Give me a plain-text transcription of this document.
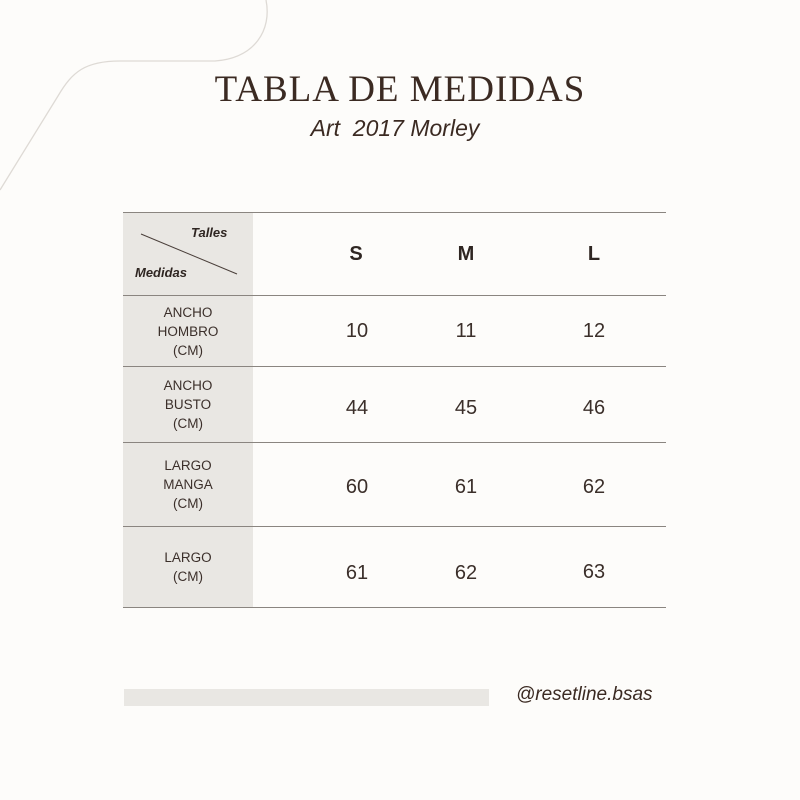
TABLA DE MEDIDAS
Art  2017 Morley
Talles
Medidas
S	M	L
ANCHO
HOMBRO
(CM)
10	11	12
ANCHO
BUSTO
(CM)
44	45	46
LARGO
MANGA
(CM)
60	61	62
LARGO
(CM)	61	62	63
@resetline.bsas
